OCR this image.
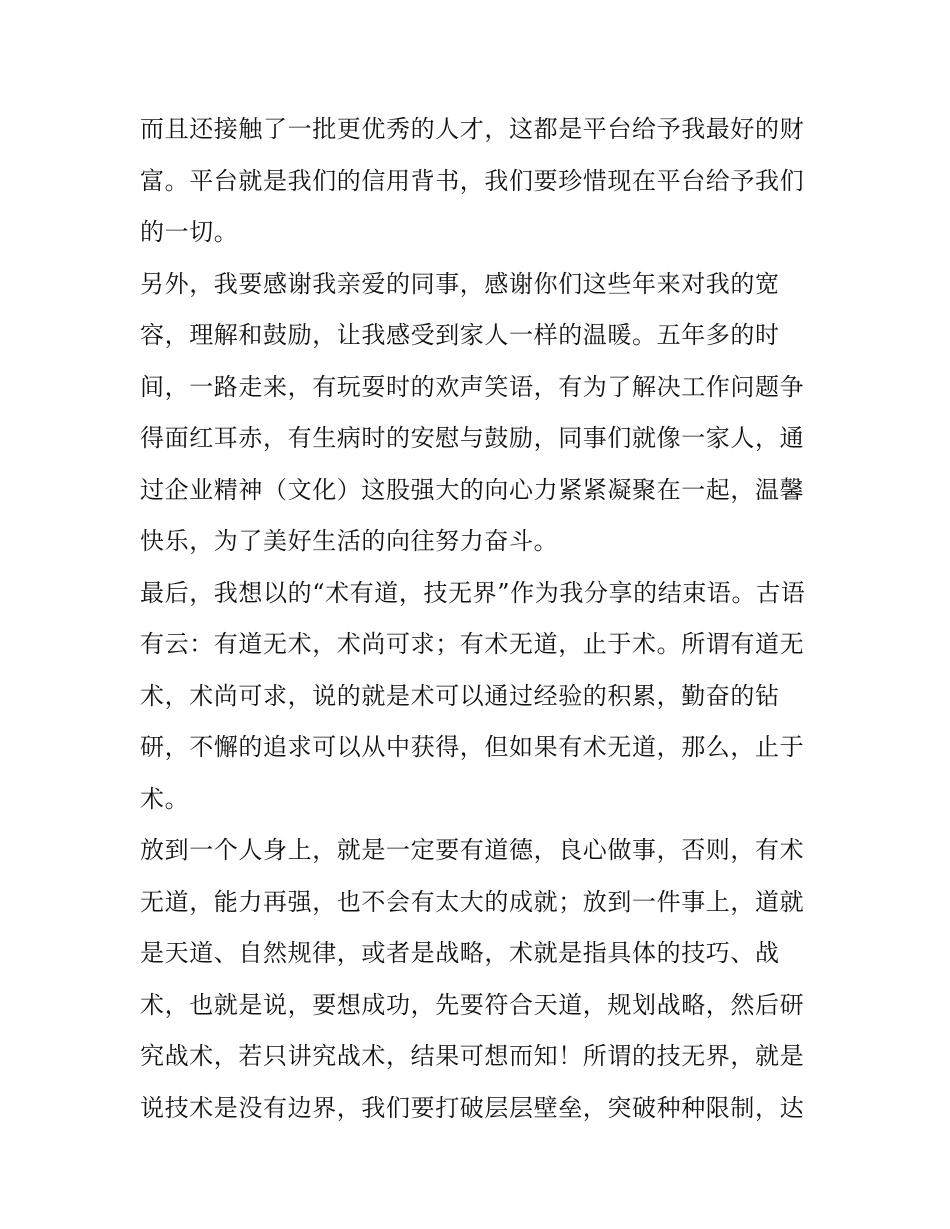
而且还接触了一批更优秀的人才，这都是平台给予我最好的财
富。平台就是我们的信用背书，我们要珍惜现在平台给予我们
的一切。
另外，我要感谢我亲爱的同事，感谢你们这些年来对我的宽
容，理解和鼓励，让我感受到家人一样的温暖。五年多的时
间，一路走来，有玩耍时的欢声笑语，有为了解决工作问题争
得面红耳赤，有生病时的安慰与鼓励，同事们就像一家人，通
过企业精神（文化）这股强大的向心力紧紧凝聚在一起，温馨
快乐，为了美好生活的向往努力奋斗。
最后，我想以的“术有道，技无界”作为我分享的结束语。古语
有云：有道无术，术尚可求；有术无道，止于术。所谓有道无
术，术尚可求，说的就是术可以通过经验的积累，勤奋的钻
研，不懈的追求可以从中获得，但如果有术无道，那么，止于
术。
放到一个人身上，就是一定要有道德，良心做事，否则，有术
无道，能力再强，也不会有太大的成就；放到一件事上，道就
是天道、自然规律，或者是战略，术就是指具体的技巧、战
术，也就是说，要想成功，先要符合天道，规划战略，然后研
究战术，若只讲究战术，结果可想而知！所谓的技无界，就是
说技术是没有边界，我们要打破层层壁垒，突破种种限制，达
